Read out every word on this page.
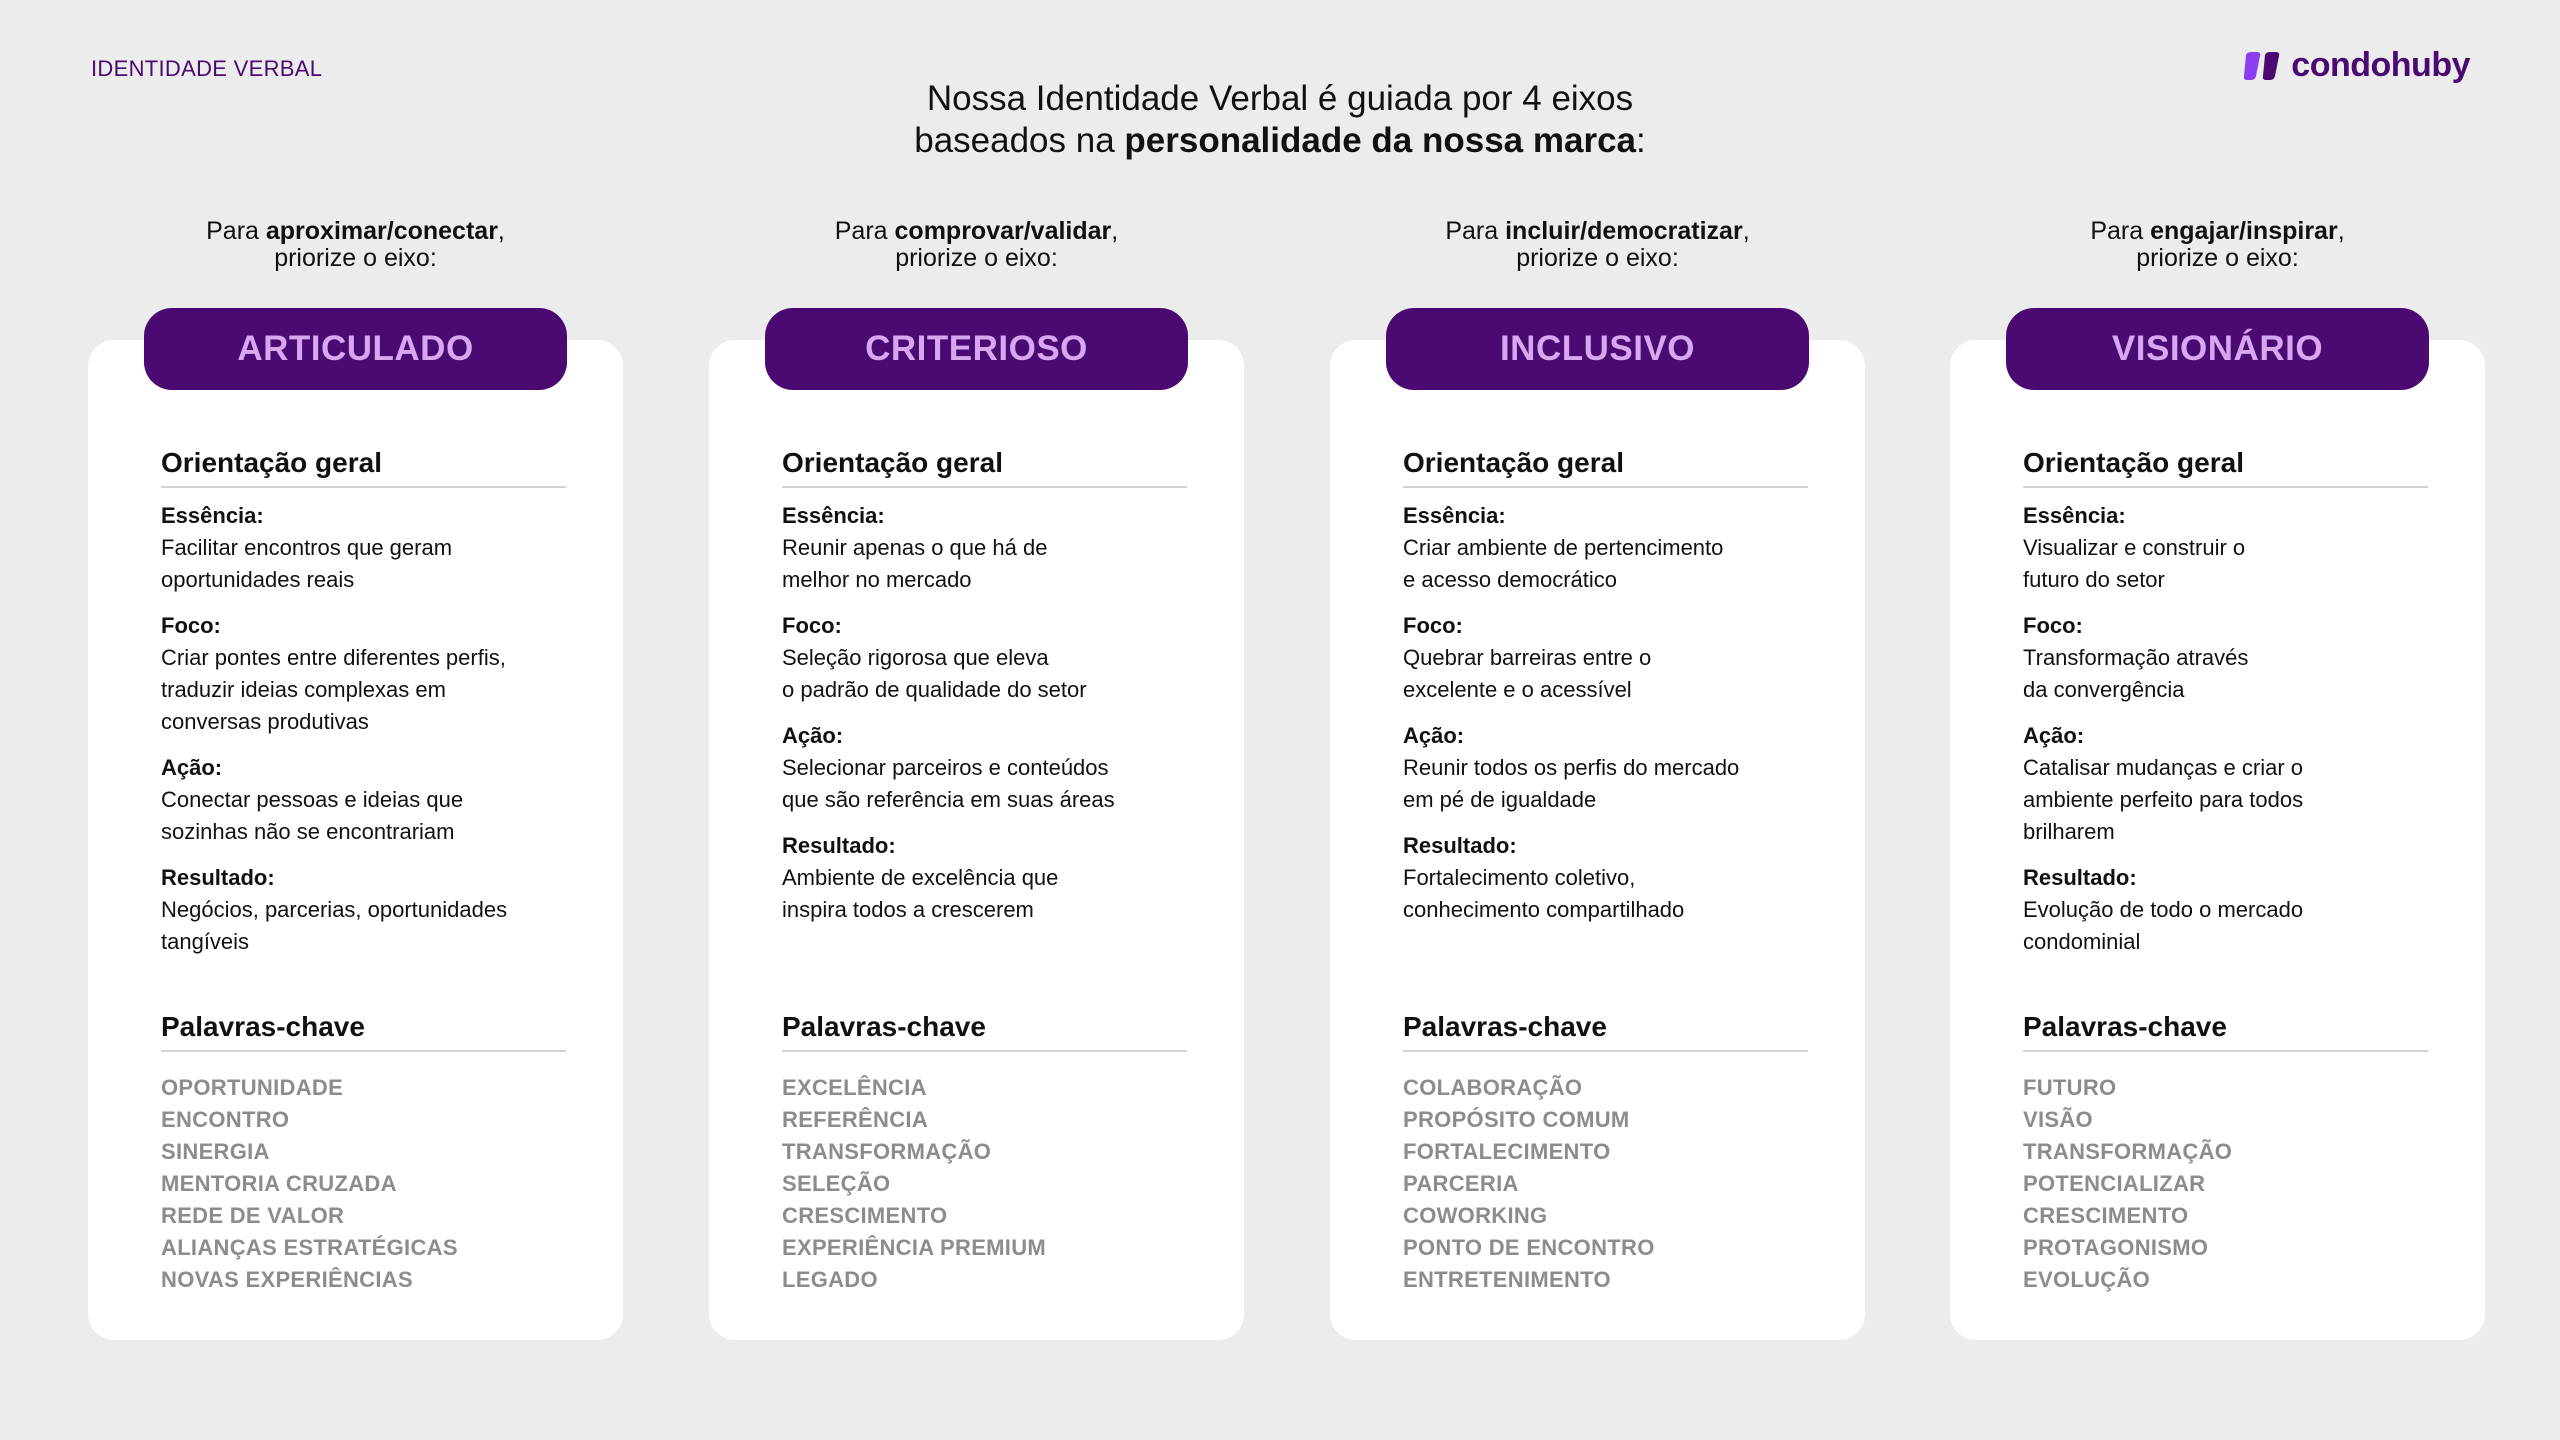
IDENTIDADE VERBAL	condohuby
Nossa Identidade Verbal é guiada por 4 eixos
baseados na personalidade da nossa marca:
Para aproximar/conectar,
priorize o eixo:
ARTICULADO
Orientação geral
Essência:
Facilitar encontros que geram
oportunidades reais
Foco:
Criar pontes entre diferentes perfis,
traduzir ideias complexas em
conversas produtivas
Ação:
Conectar pessoas e ideias que
sozinhas não se encontrariam
Resultado:
Negócios, parcerias, oportunidades
tangíveis
Palavras-chave
OPORTUNIDADE
ENCONTRO
SINERGIA
MENTORIA CRUZADA
REDE DE VALOR
ALIANÇAS ESTRATÉGICAS
NOVAS EXPERIÊNCIAS
Para comprovar/validar,
priorize o eixo:
CRITERIOSO
Orientação geral
Essência:
Reunir apenas o que há de
melhor no mercado
Foco:
Seleção rigorosa que eleva
o padrão de qualidade do setor
Ação:
Selecionar parceiros e conteúdos
que são referência em suas áreas
Resultado:
Ambiente de excelência que
inspira todos a crescerem
Palavras-chave
EXCELÊNCIA
REFERÊNCIA
TRANSFORMAÇÃO
SELEÇÃO
CRESCIMENTO
EXPERIÊNCIA PREMIUM
LEGADO
Para incluir/democratizar,
priorize o eixo:
INCLUSIVO
Orientação geral
Essência:
Criar ambiente de pertencimento
e acesso democrático
Foco:
Quebrar barreiras entre o
excelente e o acessível
Ação:
Reunir todos os perfis do mercado
em pé de igualdade
Resultado:
Fortalecimento coletivo,
conhecimento compartilhado
Palavras-chave
COLABORAÇÃO
PROPÓSITO COMUM
FORTALECIMENTO
PARCERIA
COWORKING
PONTO DE ENCONTRO
ENTRETENIMENTO
Para engajar/inspirar,
priorize o eixo:
VISIONÁRIO
Orientação geral
Essência:
Visualizar e construir o
futuro do setor
Foco:
Transformação através
da convergência
Ação:
Catalisar mudanças e criar o
ambiente perfeito para todos
brilharem
Resultado:
Evolução de todo o mercado
condominial
Palavras-chave
FUTURO
VISÃO
TRANSFORMAÇÃO
POTENCIALIZAR
CRESCIMENTO
PROTAGONISMO
EVOLUÇÃO
